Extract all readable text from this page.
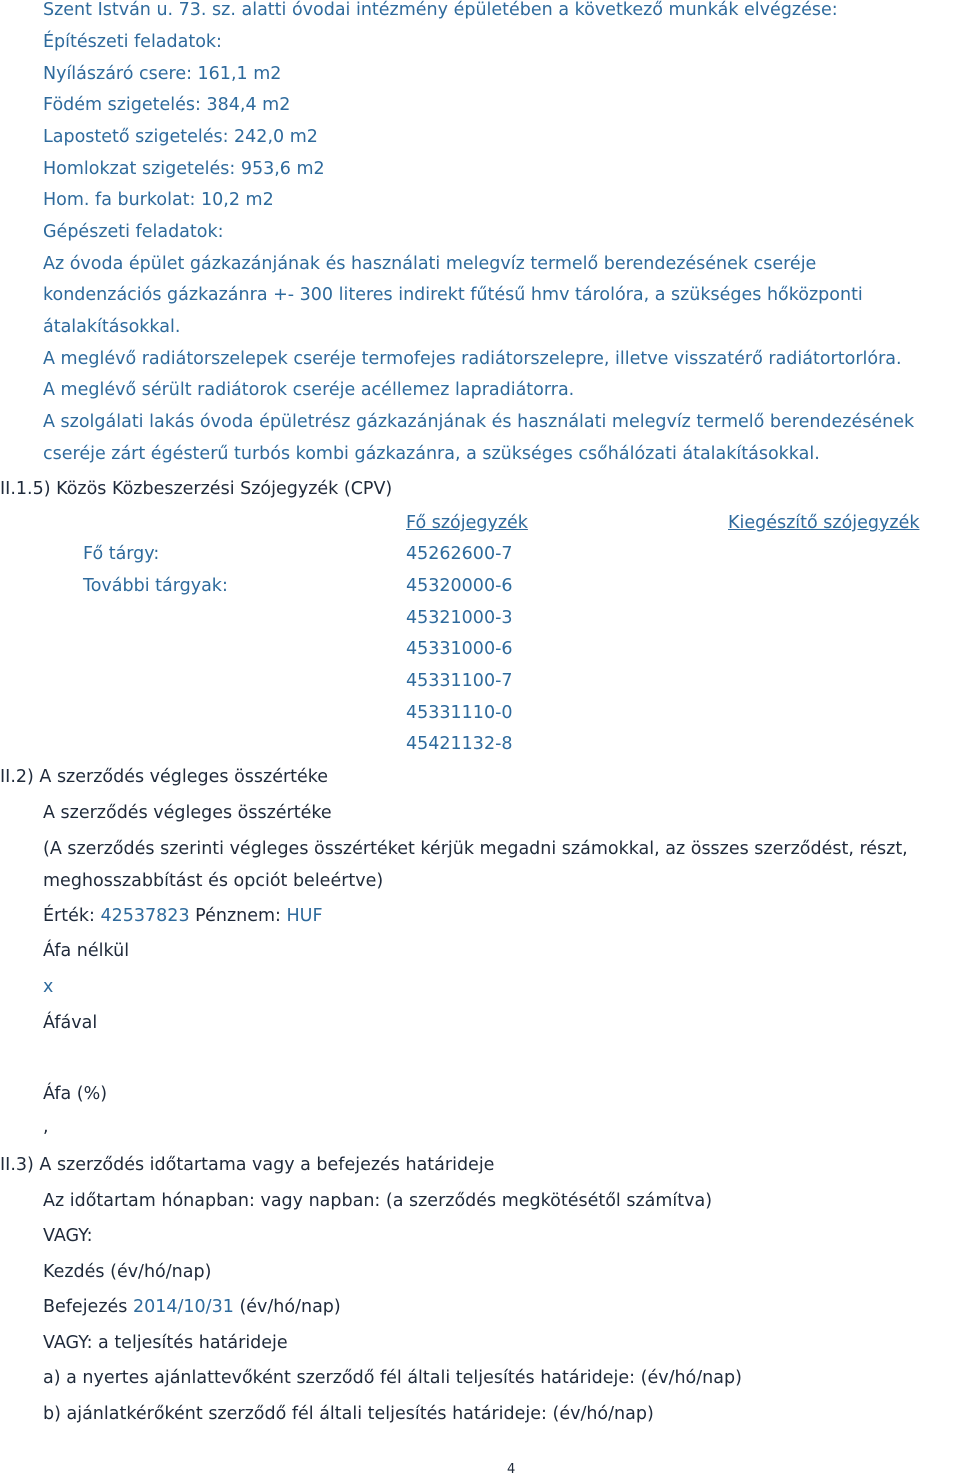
Szent István u. 73. sz. alatti óvodai intézmény épületében a következő munkák elvégzése:
Építészeti feladatok:
Nyílászáró csere: 161,1 m2
Födém szigetelés: 384,4 m2
Lapostető szigetelés: 242,0 m2
Homlokzat szigetelés: 953,6 m2
Hom. fa burkolat: 10,2 m2
Gépészeti feladatok:
Az óvoda épület gázkazánjának és használati melegvíz termelő berendezésének cseréje
kondenzációs gázkazánra +- 300 literes indirekt fűtésű hmv tárolóra, a szükséges hőközponti
átalakításokkal.
A meglévő radiátorszelepek cseréje termofejes radiátorszelepre, illetve visszatérő radiátortorlóra.
A meglévő sérült radiátorok cseréje acéllemez lapradiátorra.
A szolgálati lakás óvoda épületrész gázkazánjának és használati melegvíz termelő berendezésének
cseréje zárt égésterű turbós kombi gázkazánra, a szükséges csőhálózati átalakításokkal.
II.1.5) Közös Közbeszerzési Szójegyzék (CPV)
Fő szójegyzék	Kiegészítő szójegyzék
Fő tárgy:	45262600-7
További tárgyak:	45320000-6
45321000-3
45331000-6
45331100-7
45331110-0
45421132-8
II.2) A szerződés végleges összértéke
A szerződés végleges összértéke
(A szerződés szerinti végleges összértéket kérjük megadni számokkal, az összes szerződést, részt,
meghosszabbítást és opciót beleértve)
Érték: 42537823 Pénznem: HUF
Áfa nélkül
x
Áfával
Áfa (%)
,
II.3) A szerződés időtartama vagy a befejezés határideje
Az időtartam hónapban: vagy napban: (a szerződés megkötésétől számítva)
VAGY:
Kezdés (év/hó/nap)
Befejezés 2014/10/31 (év/hó/nap)
VAGY: a teljesítés határideje
a) a nyertes ajánlattevőként szerződő fél általi teljesítés határideje: (év/hó/nap)
b) ajánlatkérőként szerződő fél általi teljesítés határideje: (év/hó/nap)
4
